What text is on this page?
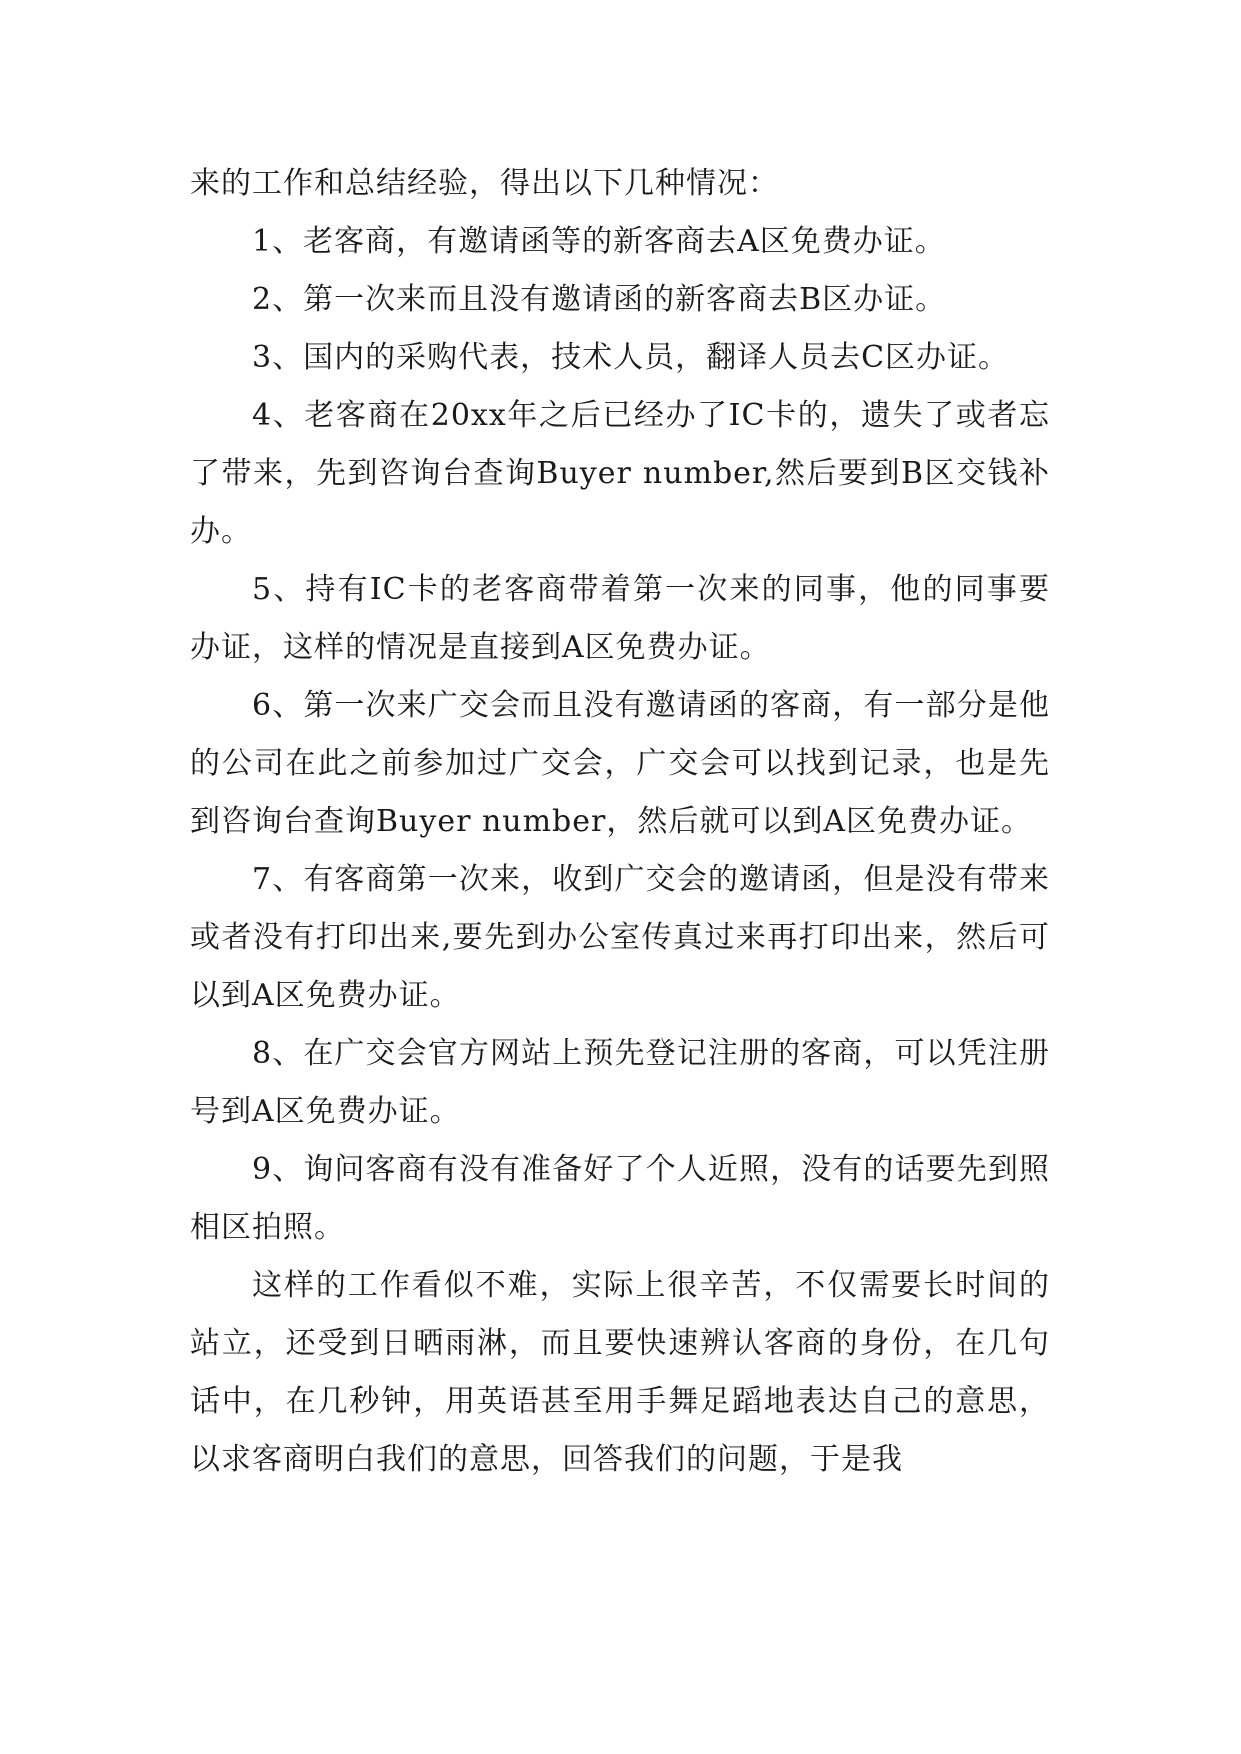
来的工作和总结经验，得出以下几种情况：

1、老客商，有邀请函等的新客商去A区免费办证。

2、第一次来而且没有邀请函的新客商去B区办证。

3、国内的采购代表，技术人员，翻译人员去C区办证。

4、老客商在20xx年之后已经办了IC卡的，遗失了或者忘了带来，先到咨询台查询Buyer number,然后要到B区交钱补办。

5、持有IC卡的老客商带着第一次来的同事，他的同事要办证，这样的情况是直接到A区免费办证。

6、第一次来广交会而且没有邀请函的客商，有一部分是他的公司在此之前参加过广交会，广交会可以找到记录，也是先到咨询台查询Buyer number，然后就可以到A区免费办证。

7、有客商第一次来，收到广交会的邀请函，但是没有带来或者没有打印出来,要先到办公室传真过来再打印出来，然后可以到A区免费办证。

8、在广交会官方网站上预先登记注册的客商，可以凭注册号到A区免费办证。

9、询问客商有没有准备好了个人近照，没有的话要先到照相区拍照。

这样的工作看似不难，实际上很辛苦，不仅需要长时间的站立，还受到日晒雨淋，而且要快速辨认客商的身份，在几句话中，在几秒钟，用英语甚至用手舞足蹈地表达自己的意思，以求客商明白我们的意思，回答我们的问题，于是我
